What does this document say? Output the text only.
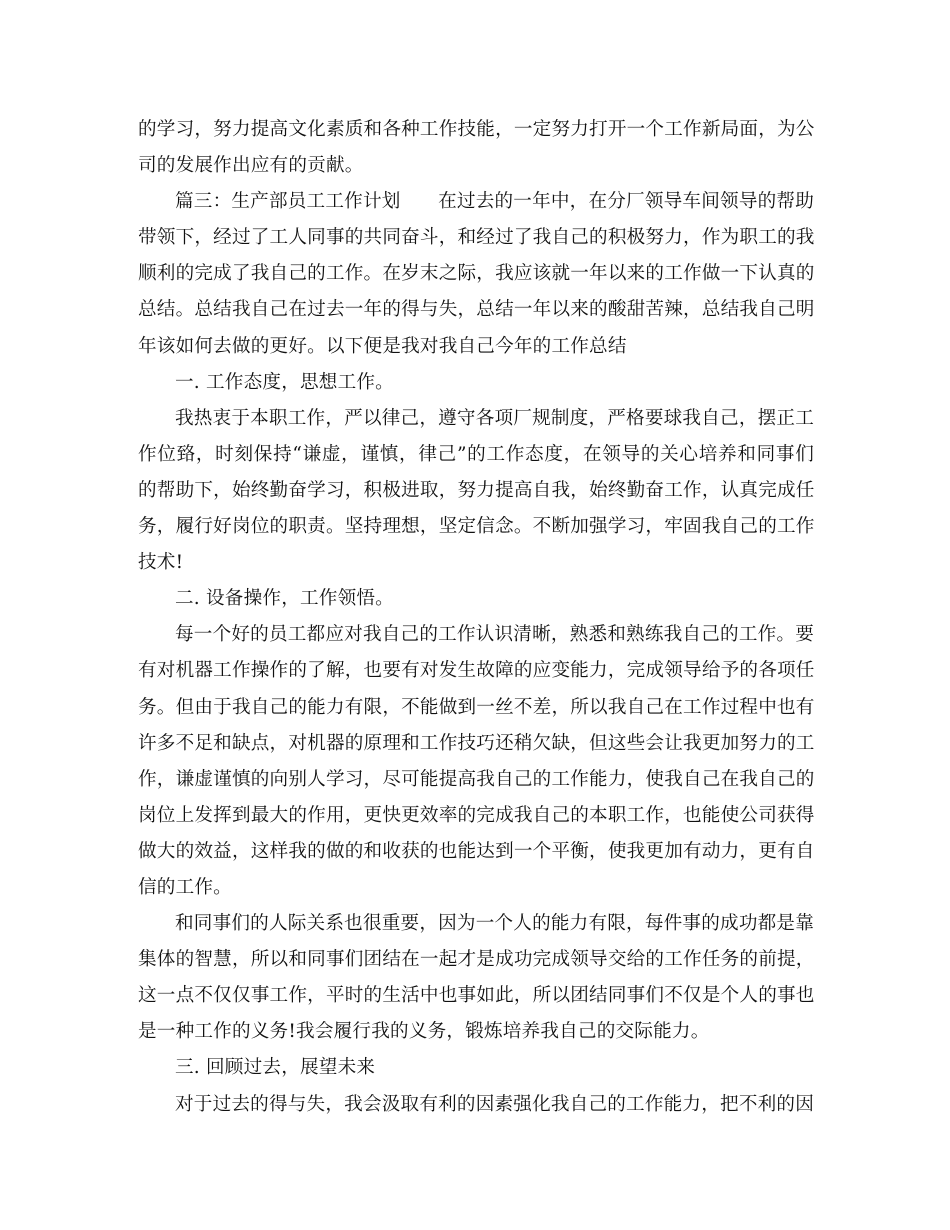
的学习，努力提高文化素质和各种工作技能，一定努力打开一个工作新局面，为公
司的发展作出应有的贡献。
篇三：生产部员工工作计划　　在过去的一年中，在分厂领导车间领导的帮助
带领下，经过了工人同事的共同奋斗，和经过了我自己的积极努力，作为职工的我
顺利的完成了我自己的工作。在岁末之际，我应该就一年以来的工作做一下认真的
总结。总结我自己在过去一年的得与失，总结一年以来的酸甜苦辣，总结我自己明
年该如何去做的更好。以下便是我对我自己今年的工作总结
一. 工作态度，思想工作。
我热衷于本职工作，严以律己，遵守各项厂规制度，严格要球我自己，摆正工
作位臵，时刻保持“谦虚，谨慎，律己”的工作态度，在领导的关心培养和同事们
的帮助下，始终勤奋学习，积极进取，努力提高自我，始终勤奋工作，认真完成任
务，履行好岗位的职责。坚持理想，坚定信念。不断加强学习，牢固我自己的工作
技术!
二. 设备操作，工作领悟。
每一个好的员工都应对我自己的工作认识清晰，熟悉和熟练我自己的工作。要
有对机器工作操作的了解，也要有对发生故障的应变能力，完成领导给予的各项任
务。但由于我自己的能力有限，不能做到一丝不差，所以我自己在工作过程中也有
许多不足和缺点，对机器的原理和工作技巧还稍欠缺，但这些会让我更加努力的工
作，谦虚谨慎的向别人学习，尽可能提高我自己的工作能力，使我自己在我自己的
岗位上发挥到最大的作用，更快更效率的完成我自己的本职工作，也能使公司获得
做大的效益，这样我的做的和收获的也能达到一个平衡，使我更加有动力，更有自
信的工作。
和同事们的人际关系也很重要，因为一个人的能力有限，每件事的成功都是靠
集体的智慧，所以和同事们团结在一起才是成功完成领导交给的工作任务的前提，
这一点不仅仅事工作，平时的生活中也事如此，所以团结同事们不仅是个人的事也
是一种工作的义务!我会履行我的义务，锻炼培养我自己的交际能力。
三. 回顾过去，展望未来
对于过去的得与失，我会汲取有利的因素强化我自己的工作能力，把不利的因
